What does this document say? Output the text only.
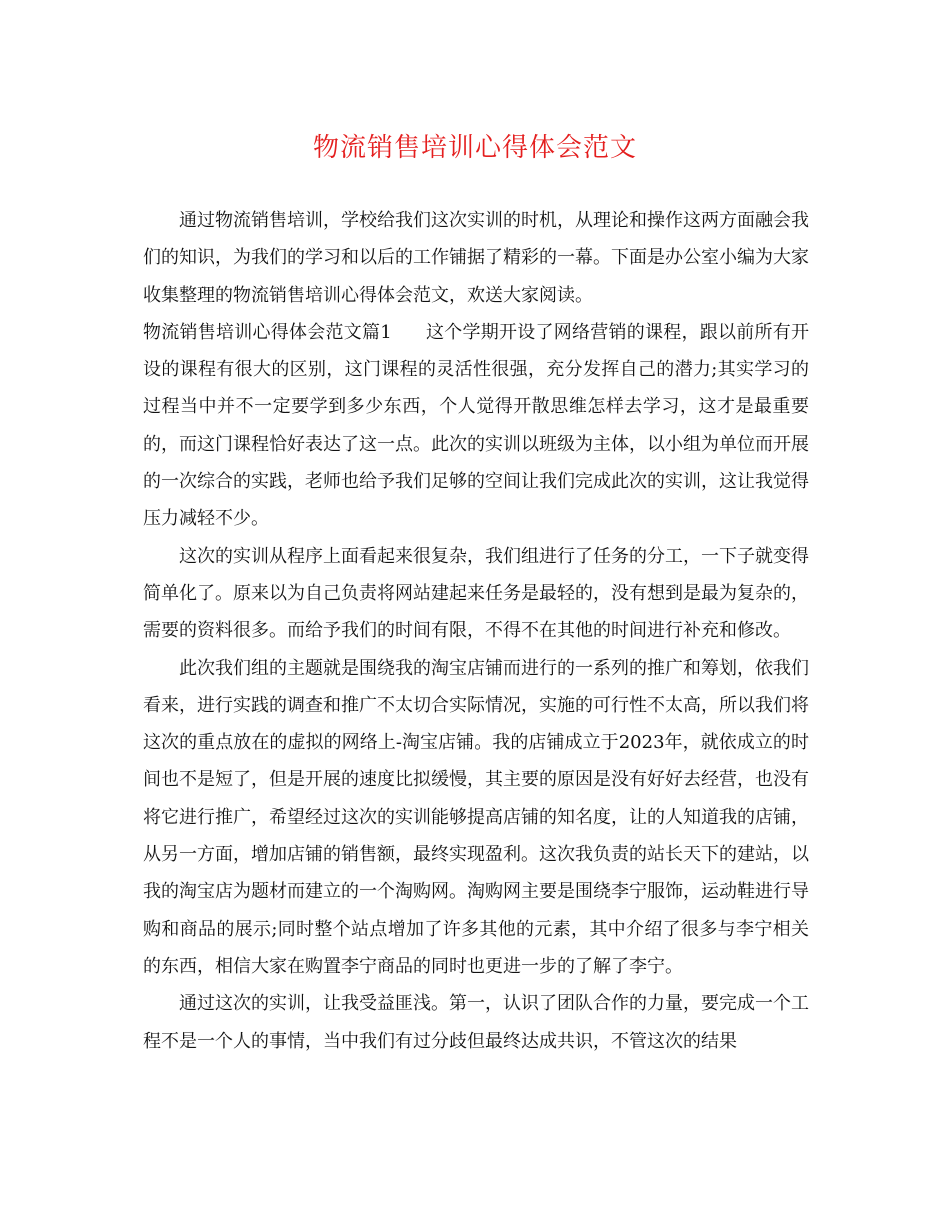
物流销售培训心得体会范文

通过物流销售培训，学校给我们这次实训的时机，从理论和操作这两方面融会我们的知识，为我们的学习和以后的工作铺据了精彩的一幕。下面是办公室小编为大家收集整理的物流销售培训心得体会范文，欢送大家阅读。

物流销售培训心得体会范文篇1 这个学期开设了网络营销的课程，跟以前所有开设的课程有很大的区别，这门课程的灵活性很强，充分发挥自己的潜力;其实学习的过程当中并不一定要学到多少东西，个人觉得开散思维怎样去学习，这才是最重要的，而这门课程恰好表达了这一点。此次的实训以班级为主体，以小组为单位而开展的一次综合的实践，老师也给予我们足够的空间让我们完成此次的实训，这让我觉得压力减轻不少。

这次的实训从程序上面看起来很复杂，我们组进行了任务的分工，一下子就变得简单化了。原来以为自己负责将网站建起来任务是最轻的，没有想到是最为复杂的，需要的资料很多。而给予我们的时间有限，不得不在其他的时间进行补充和修改。

此次我们组的主题就是围绕我的淘宝店铺而进行的一系列的推广和筹划，依我们看来，进行实践的调查和推广不太切合实际情况，实施的可行性不太高，所以我们将这次的重点放在的虚拟的网络上-淘宝店铺。我的店铺成立于2023年，就依成立的时间也不是短了，但是开展的速度比拟缓慢，其主要的原因是没有好好去经营，也没有将它进行推广，希望经过这次的实训能够提高店铺的知名度，让的人知道我的店铺，从另一方面，增加店铺的销售额，最终实现盈利。这次我负责的站长天下的建站，以我的淘宝店为题材而建立的一个淘购网。淘购网主要是围绕李宁服饰，运动鞋进行导购和商品的展示;同时整个站点增加了许多其他的元素，其中介绍了很多与李宁相关的东西，相信大家在购置李宁商品的同时也更进一步的了解了李宁。

通过这次的实训，让我受益匪浅。第一，认识了团队合作的力量，要完成一个工程不是一个人的事情，当中我们有过分歧但最终达成共识，不管这次的结果
